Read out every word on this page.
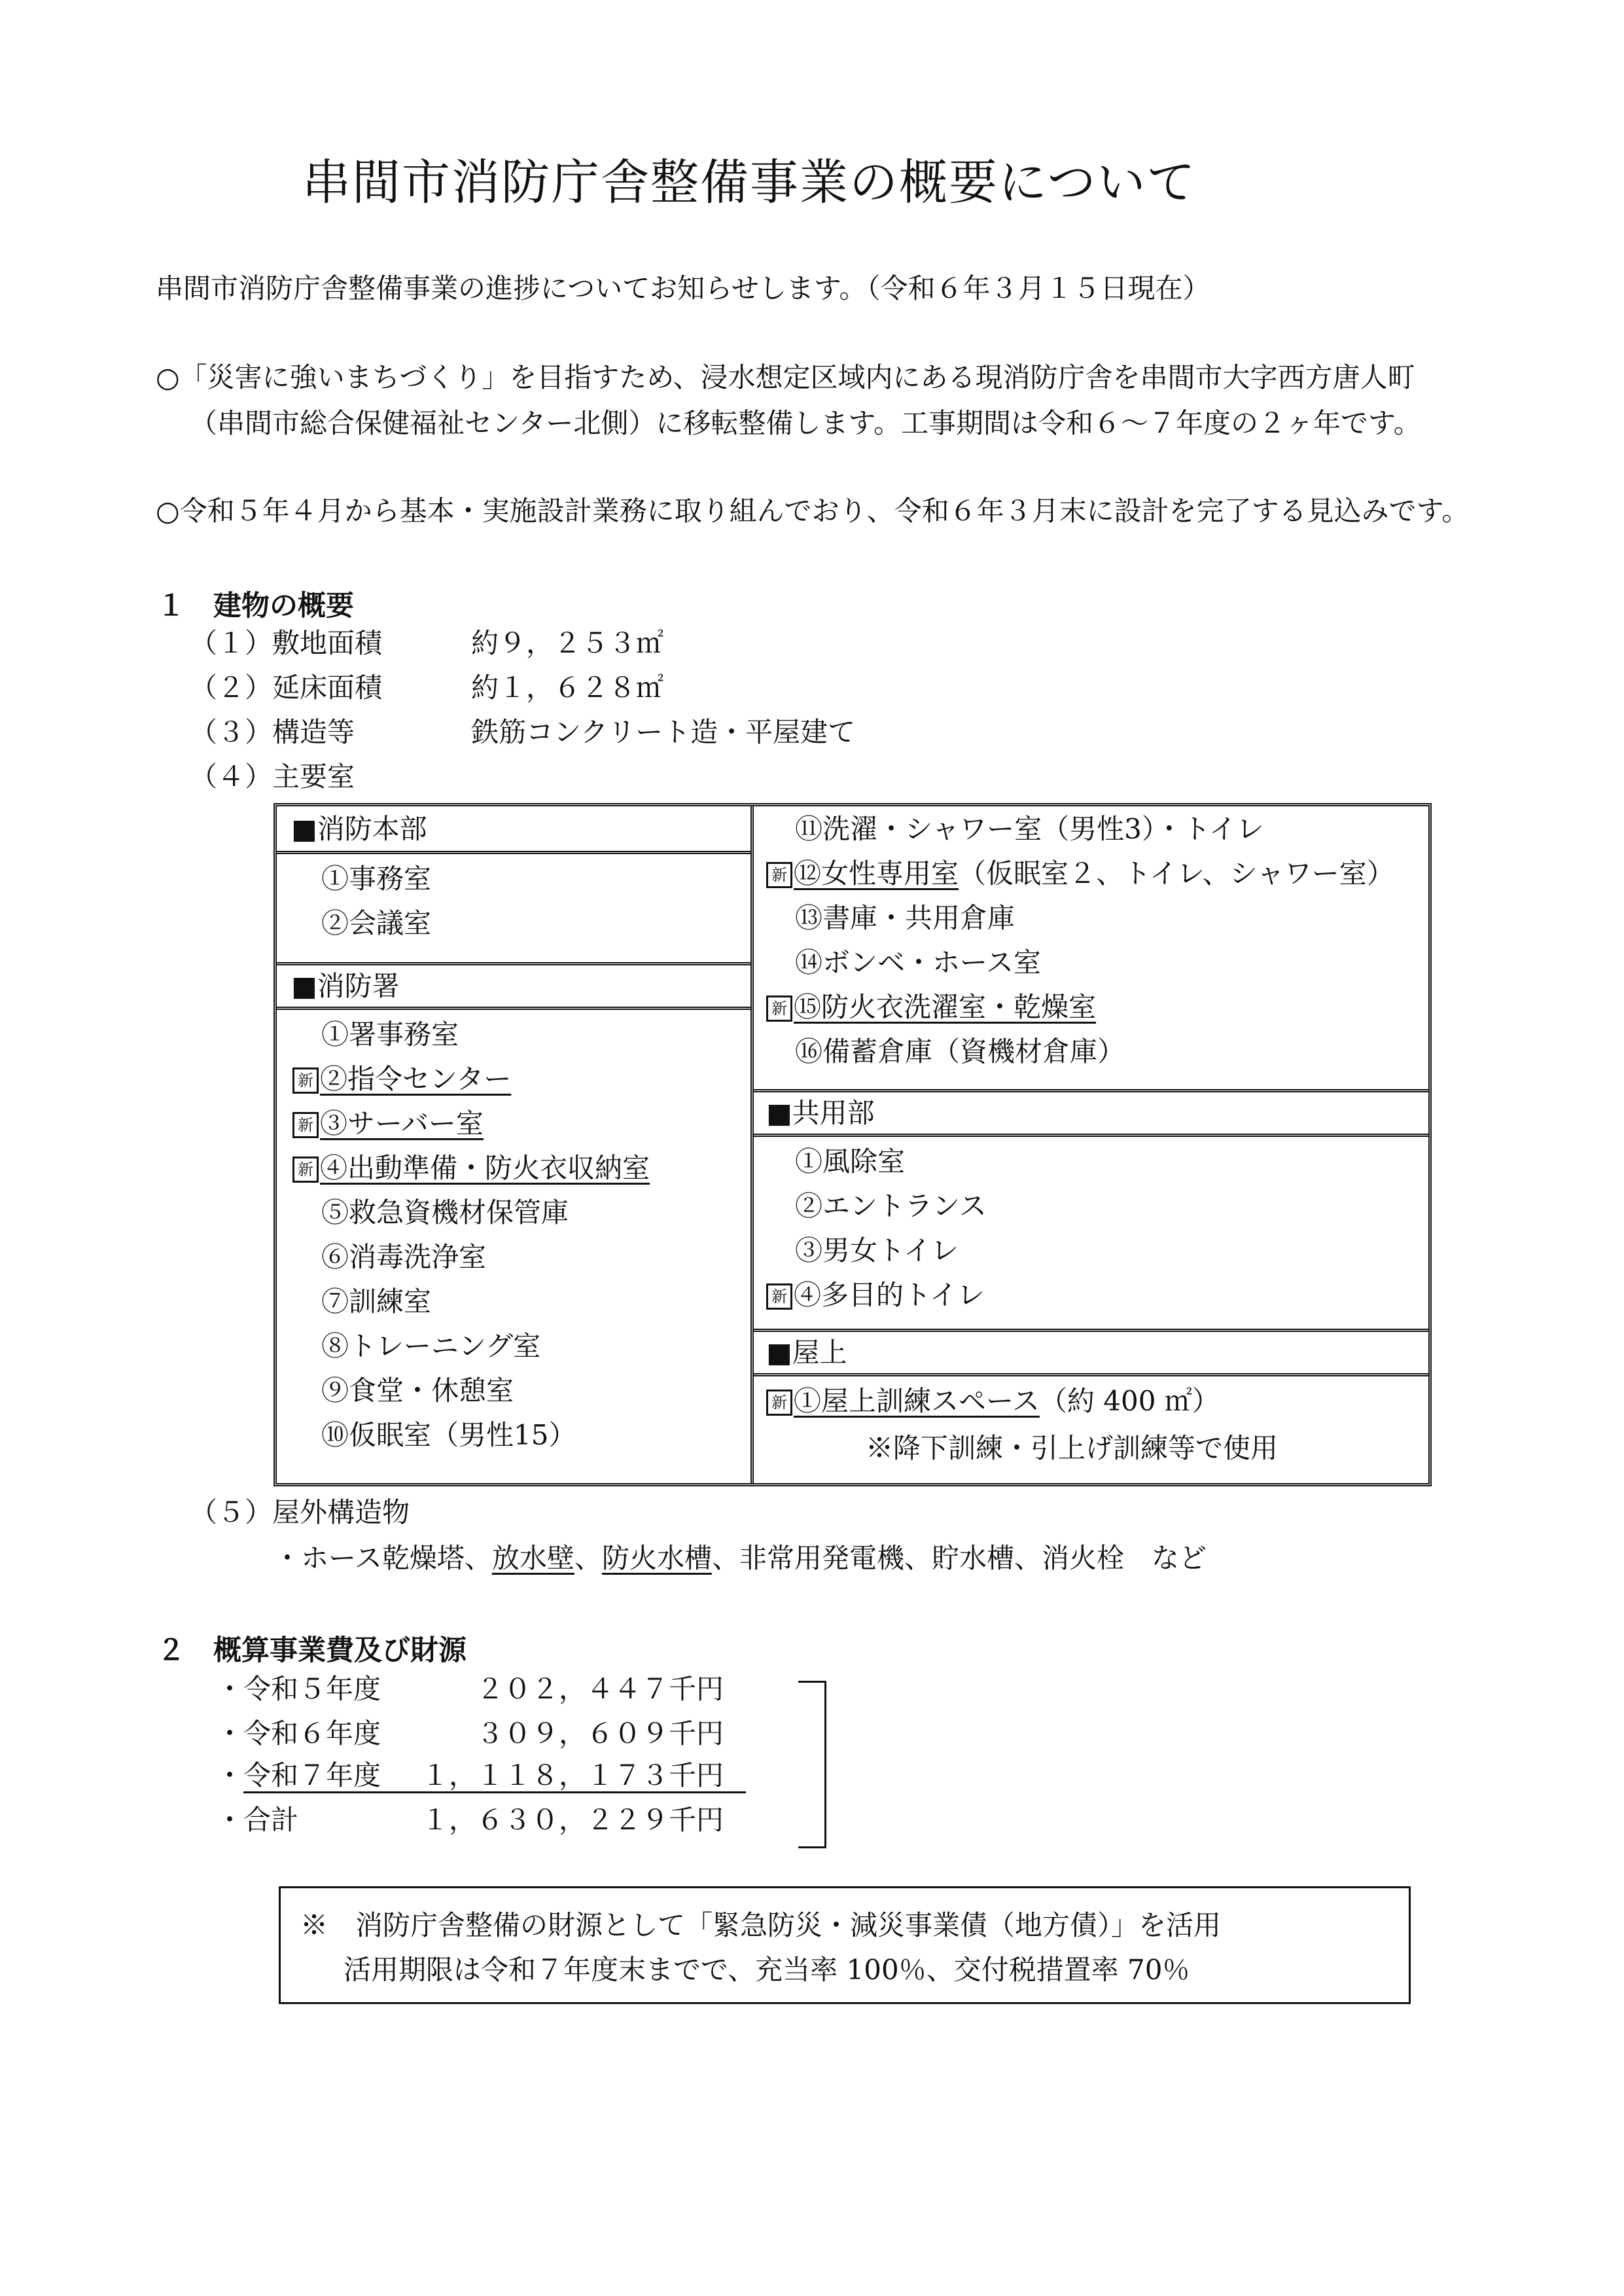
串間市消防庁舎整備事業の概要について
串間市消防庁舎整備事業の進捗についてお知らせします。（令和６年３月１５日現在）
○「災害に強いまちづくり」を目指すため、浸水想定区域内にある現消防庁舎を串間市大字西方唐人町
（串間市総合保健福祉センター北側）に移転整備します。工事期間は令和６～７年度の２ヶ年です。
○令和５年４月から基本・実施設計業務に取り組んでおり、令和６年３月末に設計を完了する見込みです。
１　建物の概要
（１）敷地面積	約９，２５３㎡
（２）延床面積	約１，６２８㎡
（３）構造等	鉄筋コンクリート造・平屋建て
（４）主要室
■消防本部
①事務室
②会議室
■消防署
①署事務室
新 ②指令センター
新 ③サーバー室
新 ④出動準備・防火衣収納室
⑤救急資機材保管庫
⑥消毒洗浄室
⑦訓練室
⑧トレーニング室
⑨食堂・休憩室
⑩仮眠室（男性15）
⑪洗濯・シャワー室（男性3）・トイレ
新 ⑫女性専用室（仮眠室２、トイレ、シャワー室）
⑬書庫・共用倉庫
⑭ボンベ・ホース室
新 ⑮防火衣洗濯室・乾燥室
⑯備蓄倉庫（資機材倉庫）
■共用部
①風除室
②エントランス
③男女トイレ
新 ④多目的トイレ
■屋上
新 ①屋上訓練スペース（約 400 ㎡）
※降下訓練・引上げ訓練等で使用
（５）屋外構造物
・ホース乾燥塔、放水壁、防火水槽、非常用発電機、貯水槽、消火栓　など
２　概算事業費及び財源
・令和５年度	２０２，４４７千円
・令和６年度	３０９，６０９千円
・令和７年度 １，１１８，１７３千円
・合計	１，６３０，２２９千円
※　消防庁舎整備の財源として「緊急防災・減災事業債（地方債）」を活用
活用期限は令和７年度末までで、充当率 100％、交付税措置率 70％
